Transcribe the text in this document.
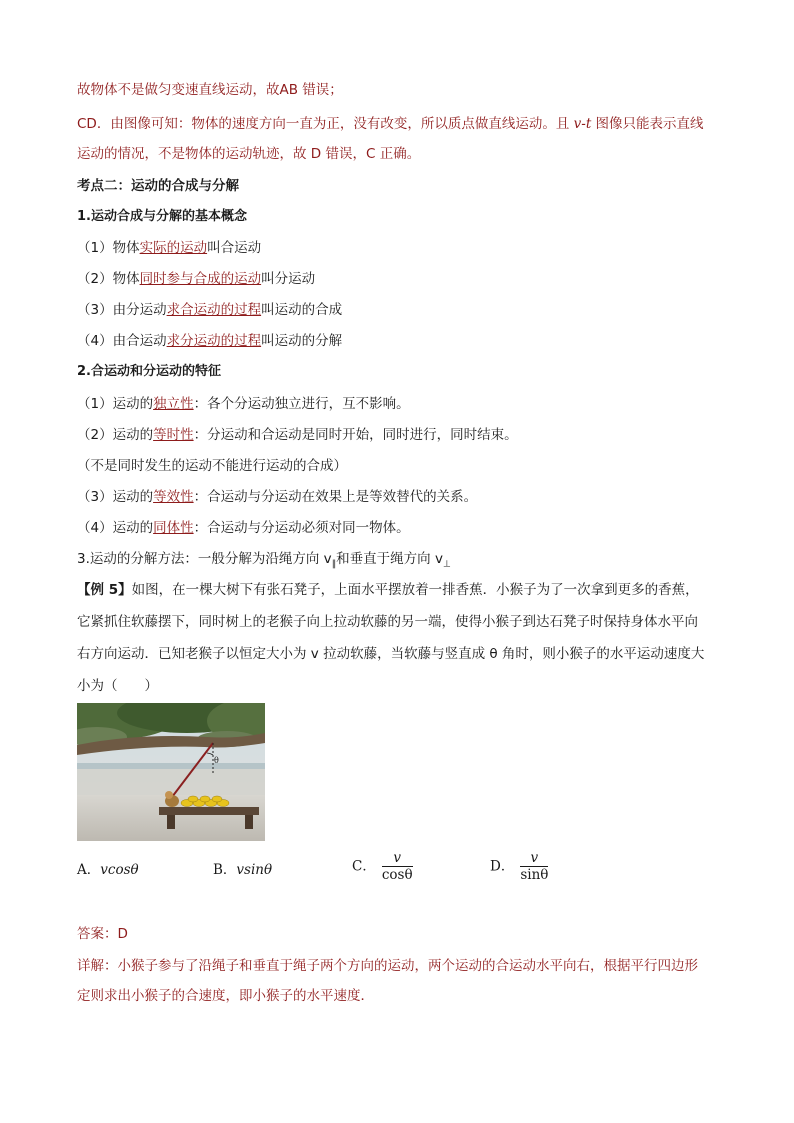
故物体不是做匀变速直线运动，故AB 错误；
CD．由图像可知：物体的速度方向一直为正，没有改变，所以质点做直线运动。且 v-t 图像只能表示直线
运动的情况，不是物体的运动轨迹，故 D 错误，C 正确。
考点二：运动的合成与分解
1.运动合成与分解的基本概念
（1）物体实际的运动叫合运动
（2）物体同时参与合成的运动叫分运动
（3）由分运动求合运动的过程叫运动的合成
（4）由合运动求分运动的过程叫运动的分解
2.合运动和分运动的特征
（1）运动的独立性：各个分运动独立进行，互不影响。
（2）运动的等时性：分运动和合运动是同时开始，同时进行，同时结束。
（不是同时发生的运动不能进行运动的合成）
（3）运动的等效性：合运动与分运动在效果上是等效替代的关系。
（4）运动的同体性：合运动与分运动必须对同一物体。
3.运动的分解方法：一般分解为沿绳方向 $v_\parallel$和垂直于绳方向 $v_\perp$
【例 5】如图，在一棵大树下有张石凳子，上面水平摆放着一排香蕉．小猴子为了一次拿到更多的香蕉，
它紧抓住软藤摆下，同时树上的老猴子向上拉动软藤的另一端，使得小猴子到达石凳子时保持身体水平向
右方向运动．已知老猴子以恒定大小为 v 拉动软藤，当软藤与竖直成 θ 角时，则小猴子的水平运动速度大
小为（　　）
θ
A．vcosθ	B．vsinθ	C． $\frac{v}{\cos\theta}$	D． $\frac{v}{\sin\theta}$
答案：D
详解：小猴子参与了沿绳子和垂直于绳子两个方向的运动，两个运动的合运动水平向右，根据平行四边形
定则求出小猴子的合速度，即小猴子的水平速度．
